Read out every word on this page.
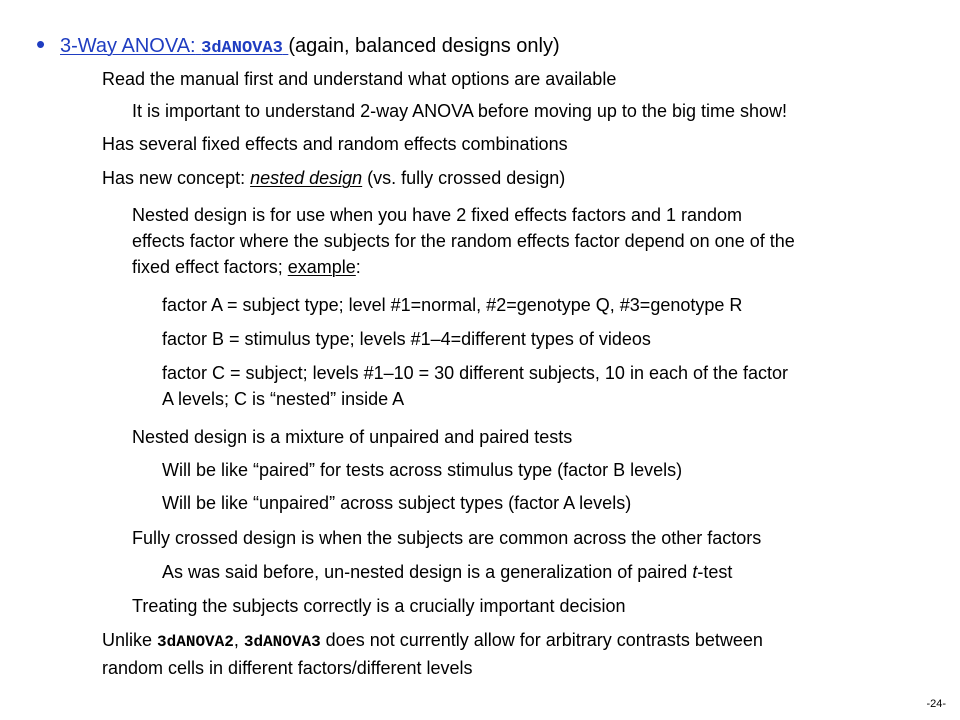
• 3-Way ANOVA: 3dANOVA3 (again, balanced designs only)
Read the manual first and understand what options are available
It is important to understand 2-way ANOVA before moving up to the big time show!
Has several fixed effects and random effects combinations
Has new concept: nested design (vs. fully crossed design)
Nested design is for use when you have 2 fixed effects factors and 1 random
effects factor where the subjects for the random effects factor depend on one of the
fixed effect factors; example:
factor A = subject type; level #1=normal, #2=genotype Q, #3=genotype R
factor B = stimulus type; levels #1–4=different types of videos
factor C = subject; levels #1–10 = 30 different subjects, 10 in each of the factor
A levels; C is “nested” inside A
Nested design is a mixture of unpaired and paired tests
Will be like “paired” for tests across stimulus type (factor B levels)
Will be like “unpaired” across subject types (factor A levels)
Fully crossed design is when the subjects are common across the other factors
As was said before, un-nested design is a generalization of paired t-test
Treating the subjects correctly is a crucially important decision
Unlike 3dANOVA2, 3dANOVA3 does not currently allow for arbitrary contrasts between
random cells in different factors/different levels
-24-
